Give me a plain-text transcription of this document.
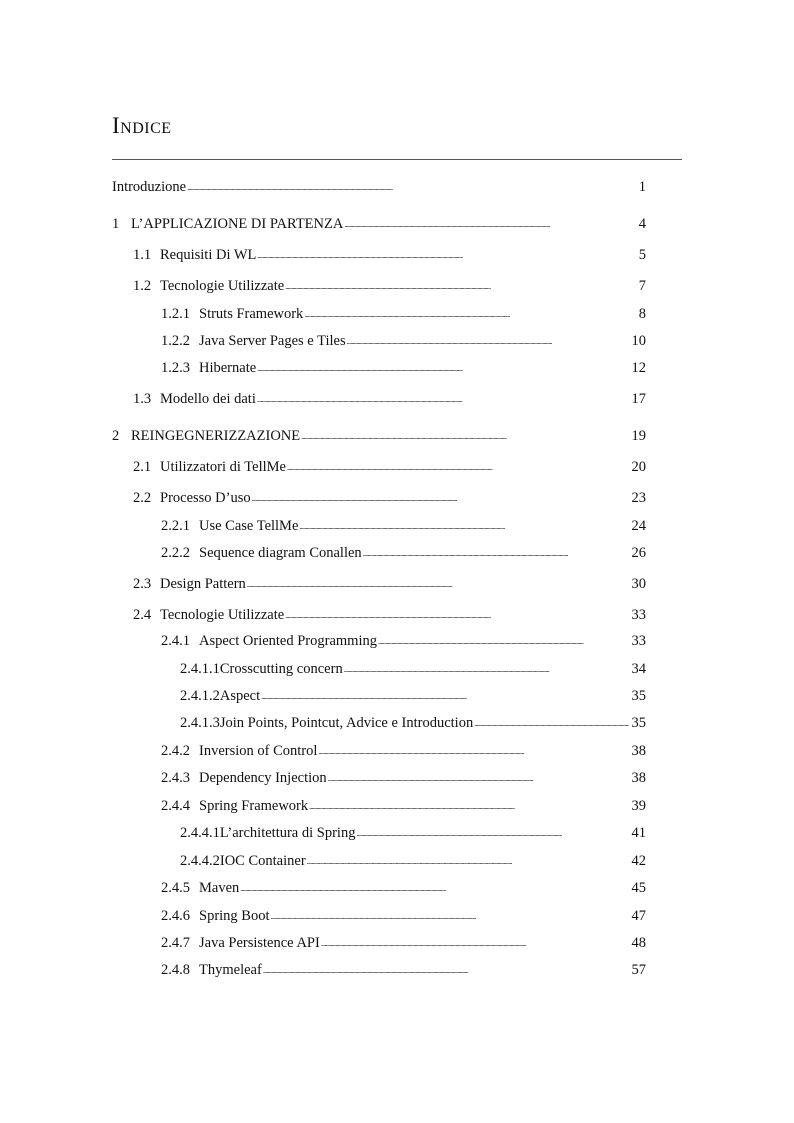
Indice
Introduzione . . .	1
1 L’APPLICAZIONE DI PARTENZA . . .	4
1.1 Requisiti Di WL . . .	5
1.2 Tecnologie Utilizzate . . .	7
1.2.1 Struts Framework . . .	8
1.2.2 Java Server Pages e Tiles . . .	10
1.2.3 Hibernate . . .	12
1.3 Modello dei dati . . .	17
2 REINGEGNERIZZAZIONE . . .	19
2.1 Utilizzatori di TellMe . . .	20
2.2 Processo D’uso . . .	23
2.2.1 Use Case TellMe . . .	24
2.2.2 Sequence diagram Conallen . . .	26
2.3 Design Pattern . . .	30
2.4 Tecnologie Utilizzate . . .	33
2.4.1 Aspect Oriented Programming . . .	33
2.4.1.1 Crosscutting concern . . .	34
2.4.1.2 Aspect . . .	35
2.4.1.3 Join Points, Pointcut, Advice e Introduction . . .	35
2.4.2 Inversion of Control . . .	38
2.4.3 Dependency Injection . . .	38
2.4.4 Spring Framework . . .	39
2.4.4.1 L’architettura di Spring . . .	41
2.4.4.2 IOC Container . . .	42
2.4.5 Maven . . .	45
2.4.6 Spring Boot . . .	47
2.4.7 Java Persistence API . . .	48
2.4.8 Thymeleaf . . .	57
